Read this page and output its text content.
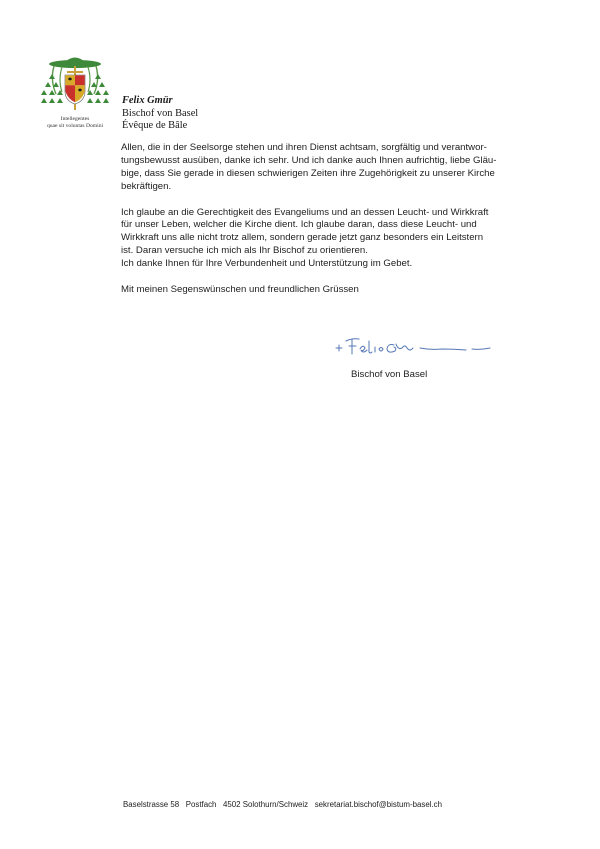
Intellegentes
quae sit voluntas Domini
Felix Gmür
Bischof von Basel
Évêque de Bâle

Allen, die in der Seelsorge stehen und ihren Dienst achtsam, sorgfältig und verantwor-
tungsbewusst ausüben, danke ich sehr. Und ich danke auch Ihnen aufrichtig, liebe Gläu-
bige, dass Sie gerade in diesen schwierigen Zeiten ihre Zugehörigkeit zu unserer Kirche
bekräftigen.

Ich glaube an die Gerechtigkeit des Evangeliums und an dessen Leucht- und Wirkkraft
für unser Leben, welcher die Kirche dient. Ich glaube daran, dass diese Leucht- und
Wirkkraft uns alle nicht trotz allem, sondern gerade jetzt ganz besonders ein Leitstern
ist. Daran versuche ich mich als Ihr Bischof zu orientieren.
Ich danke Ihnen für Ihre Verbundenheit und Unterstützung im Gebet.

Mit meinen Segenswünschen und freundlichen Grüssen

Bischof von Basel
Baselstrasse 58 Postfach 4502 Solothurn/Schweiz sekretariat.bischof@bistum-basel.ch
